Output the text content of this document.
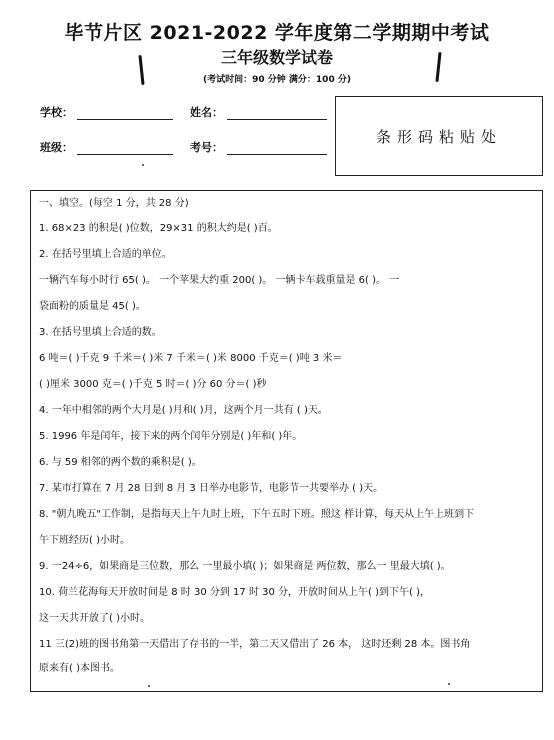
毕节片区 2021-2022 学年度第二学期期中考试
三年级数学试卷
(考试时间：90 分钟 满分：100 分)
学校：	姓名：
班级：	考号：
条形码粘贴处
一、填空。(每空 1 分，共 28 分)
1. 68×23 的积是( )位数，29×31 的积大约是( )百。
2. 在括号里填上合适的单位。
一辆汽车每小时行 65( )。 一个苹果大约重 200( )。 一辆卡车载重量是 6( )。 一
袋面粉的质量是 45( )。
3. 在括号里填上合适的数。
6 吨＝( )千克 9 千米＝( )米 7 千米＝( )米 8000 千克＝( )吨 3 米＝
( )厘米 3000 克＝( )千克 5 时＝( )分 60 分＝( )秒
4. 一年中相邻的两个大月是( )月和( )月，这两个月一共有 ( )天。
5. 1996 年是闰年，接下来的两个闰年分别是( )年和( )年。
6. 与 59 相邻的两个数的乘积是( )。
7. 某市打算在 7 月 28 日到 8 月 3 日举办电影节，电影节一共要举办 ( )天。
8. "朝九晚五"工作制，是指每天上午九时上班，下午五时下班。照这 样计算，每天从上午上班到下
午下班经历( )小时。
9. 一24÷6，如果商是三位数，那么 一里最小填( )；如果商是 两位数，那么一 里最大填( )。
10. 荷兰花海每天开放时间是 8 时 30 分到 17 时 30 分，开放时间从上午( )到下午( )，
这一天共开放了( )小时。
11 三(2)班的图书角第一天借出了存书的一半，第二天又借出了 26 本， 这时还剩 28 本。图书角
原来有( )本图书。
